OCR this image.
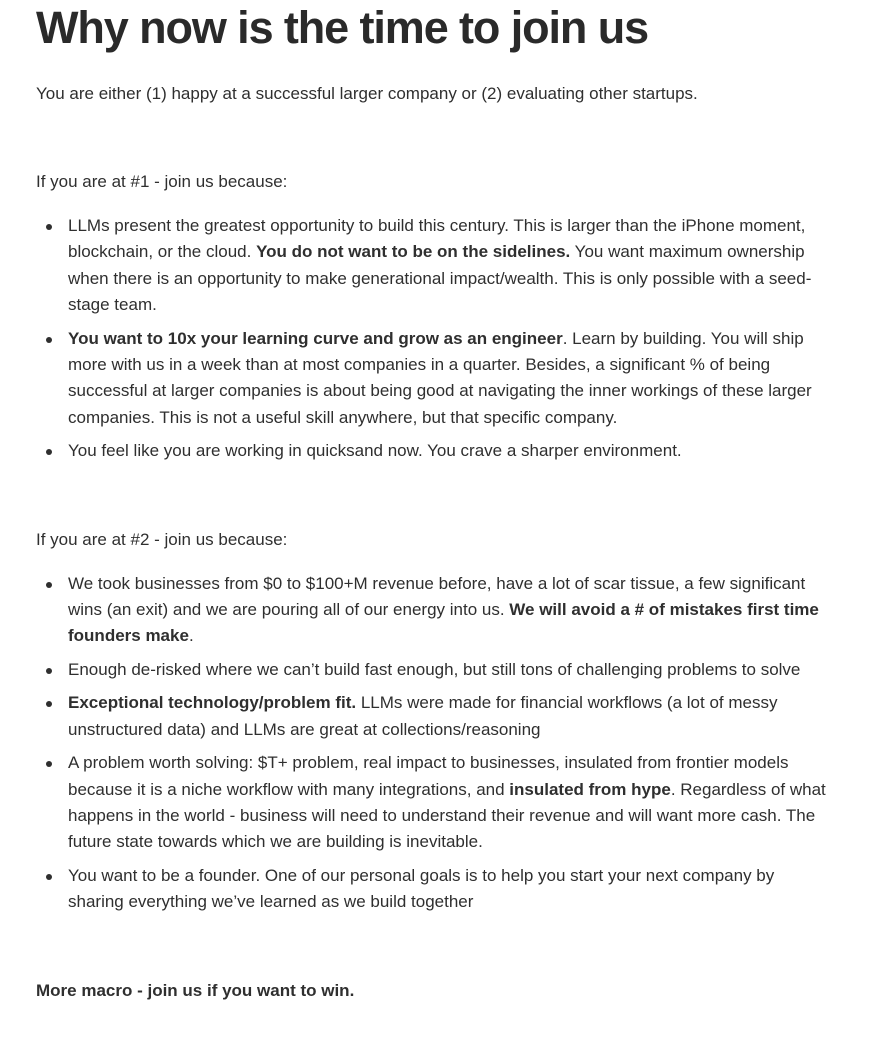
Why now is the time to join us

You are either (1) happy at a successful larger company or (2) evaluating other startups.

If you are at #1 - join us because:

LLMs present the greatest opportunity to build this century. This is larger than the iPhone moment, blockchain, or the cloud. You do not want to be on the sidelines. You want maximum ownership when there is an opportunity to make generational impact/wealth. This is only possible with a seed-stage team.
You want to 10x your learning curve and grow as an engineer. Learn by building. You will ship more with us in a week than at most companies in a quarter. Besides, a significant % of being successful at larger companies is about being good at navigating the inner workings of these larger companies. This is not a useful skill anywhere, but that specific company.
You feel like you are working in quicksand now. You crave a sharper environment.

If you are at #2 - join us because:

We took businesses from $0 to $100+M revenue before, have a lot of scar tissue, a few significant wins (an exit) and we are pouring all of our energy into us. We will avoid a # of mistakes first time founders make.
Enough de-risked where we can’t build fast enough, but still tons of challenging problems to solve
Exceptional technology/problem fit. LLMs were made for financial workflows (a lot of messy unstructured data) and LLMs are great at collections/reasoning
A problem worth solving: $T+ problem, real impact to businesses, insulated from frontier models because it is a niche workflow with many integrations, and insulated from hype. Regardless of what happens in the world - business will need to understand their revenue and will want more cash. The future state towards which we are building is inevitable.
You want to be a founder. One of our personal goals is to help you start your next company by sharing everything we’ve learned as we build together

More macro - join us if you want to win.
